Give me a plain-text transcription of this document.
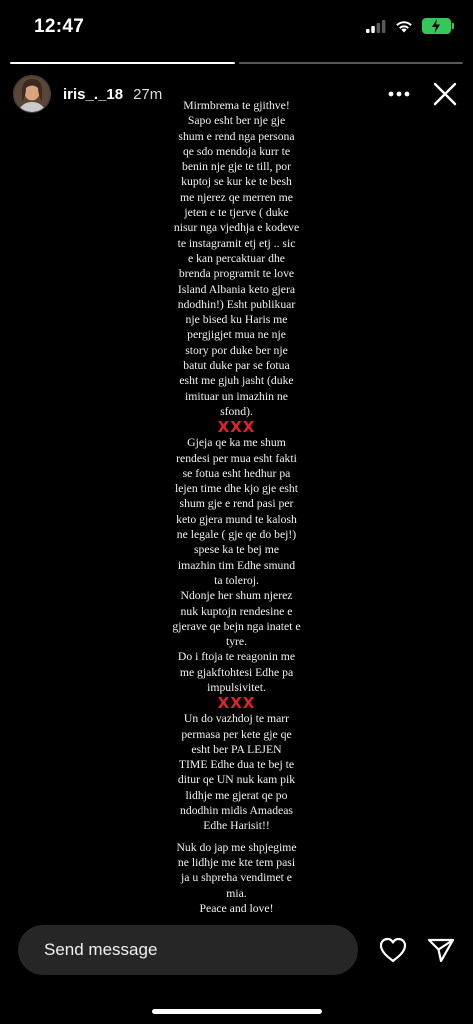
12:47
iris_._18 27m
Mirmbrema te gjithve!
Sapo esht ber nje gje
shum e rend nga persona
qe sdo mendoja kurr te
benin nje gje te till, por
kuptoj se kur ke te besh
me njerez qe merren me
jeten e te tjerve ( duke
nisur nga vjedhja e kodeve
te instagramit etj etj .. sic
e kan percaktuar dhe
brenda programit te love
Island Albania keto gjera
ndodhin!) Esht publikuar
nje bised ku Haris me
pergjigjet mua ne nje
story por duke ber nje
batut duke par se fotua
esht me gjuh jasht (duke
imituar un imazhin ne
sfond).
XXX
Gjeja qe ka me shum
rendesi per mua esht fakti
se fotua esht hedhur pa
lejen time dhe kjo gje esht
shum gje e rend pasi per
keto gjera mund te kalosh
ne legale ( gje qe do bej!)
spese ka te bej me
imazhin tim Edhe smund
ta toleroj.
Ndonje her shum njerez
nuk kuptojn rendesine e
gjerave qe bejn nga inatet e
tyre.
Do i ftoja te reagonin me
me gjakftohtesi Edhe pa
impulsivitet.
XXX
Un do vazhdoj te marr
permasa per kete gje qe
esht ber PA LEJEN
TIME Edhe dua te bej te
ditur qe UN nuk kam pik
lidhje me gjerat qe po
ndodhin midis Amadeas
Edhe Harisit!!
Nuk do jap me shpjegime
ne lidhje me kte tem pasi
ja u shpreha vendimet e
mia.
Peace and love!
Send message
